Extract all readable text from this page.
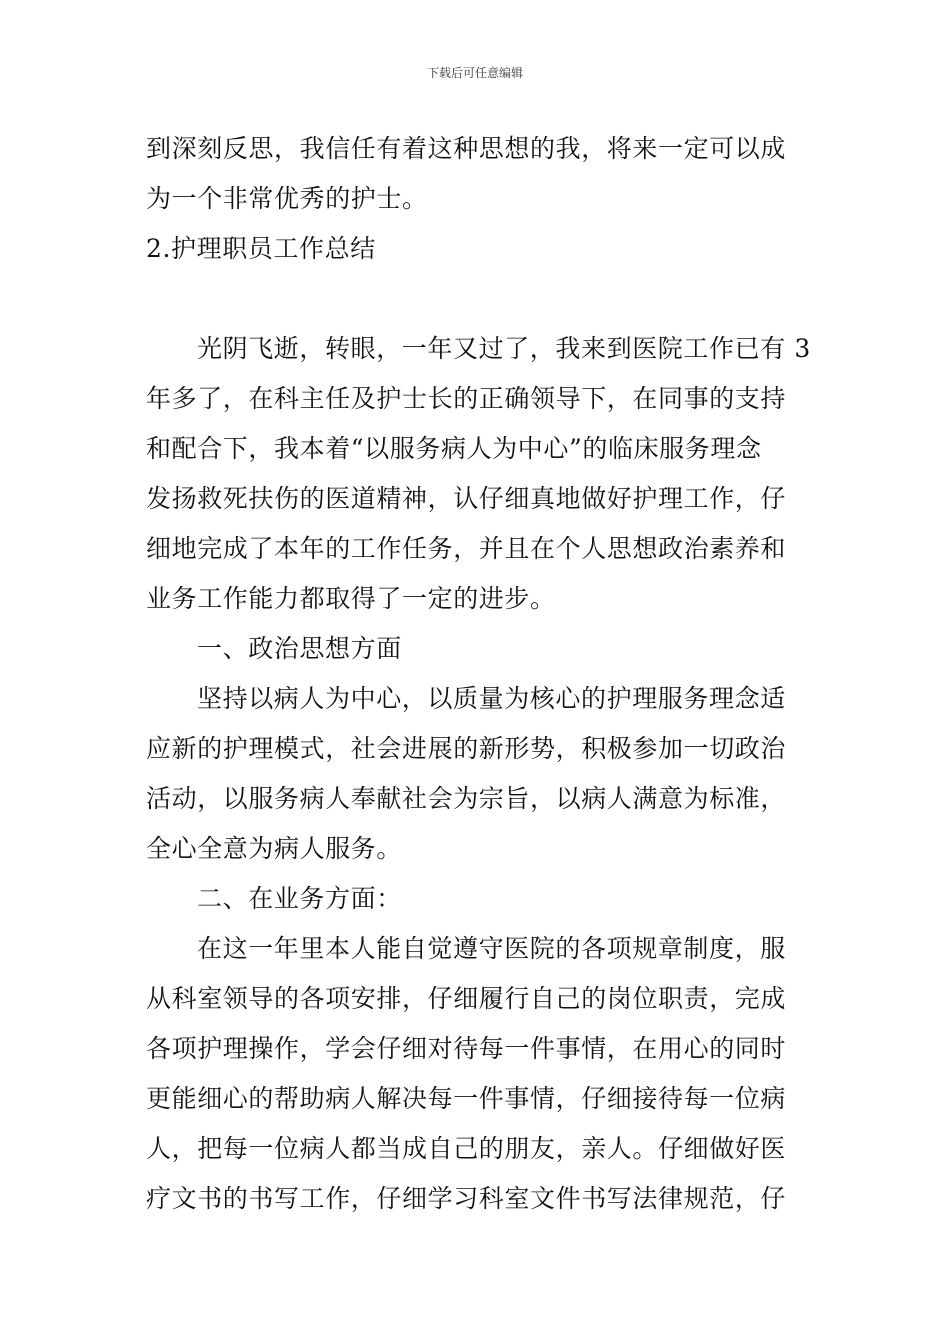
下载后可任意编辑
到深刻反思，我信任有着这种思想的我，将来一定可以成
为一个非常优秀的护士。
2.护理职员工作总结
光阴飞逝，转眼，一年又过了，我来到医院工作已有 3
年多了，在科主任及护士长的正确领导下，在同事的支持
和配合下，我本着“以服务病人为中心”的临床服务理念
发扬救死扶伤的医道精神，认仔细真地做好护理工作，仔
细地完成了本年的工作任务，并且在个人思想政治素养和
业务工作能力都取得了一定的进步。
一、政治思想方面
坚持以病人为中心，以质量为核心的护理服务理念适
应新的护理模式，社会进展的新形势，积极参加一切政治
活动，以服务病人奉献社会为宗旨，以病人满意为标准，
全心全意为病人服务。
二、在业务方面：
在这一年里本人能自觉遵守医院的各项规章制度，服
从科室领导的各项安排，仔细履行自己的岗位职责，完成
各项护理操作，学会仔细对待每一件事情，在用心的同时
更能细心的帮助病人解决每一件事情，仔细接待每一位病
人，把每一位病人都当成自己的朋友，亲人。仔细做好医
疗文书的书写工作，仔细学习科室文件书写法律规范，仔
